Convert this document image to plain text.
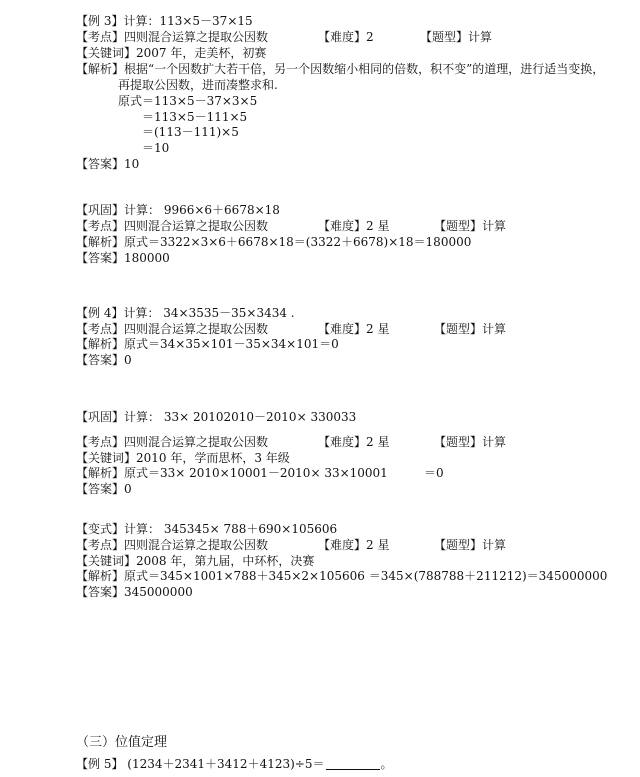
【例 3】计算：113×5－37×15
【考点】四则混合运算之提取公因数	【难度】2	【题型】计算
【关键词】2007 年，走美杯，初赛
【解析】根据“一个因数扩大若干倍，另一个因数缩小相同的倍数，积不变”的道理，进行适当变换，
再提取公因数，进而凑整求和.
原式＝113×5－37×3×5
＝113×5－111×5
＝(113－111)×5
＝10
【答案】10
【巩固】计算： 9966×6＋6678×18
【考点】四则混合运算之提取公因数	【难度】2 星	【题型】计算
【解析】原式＝3322×3×6＋6678×18＝(3322＋6678)×18＝180000
【答案】180000
【例 4】计算： 34×3535－35×3434 .
【考点】四则混合运算之提取公因数	【难度】2 星	【题型】计算
【解析】原式＝34×35×101－35×34×101＝0
【答案】0
【巩固】计算： 33× 20102010－2010× 330033
【考点】四则混合运算之提取公因数	【难度】2 星	【题型】计算
【关键词】2010 年，学而思杯，3 年级
【解析】原式＝33× 2010×10001－2010× 33×10001	＝0
【答案】0
【变式】计算： 345345× 788＋690×105606
【考点】四则混合运算之提取公因数	【难度】2 星	【题型】计算
【关键词】2008 年，第九届，中环杯，决赛
【解析】原式＝345×1001×788＋345×2×105606 ＝345×(788788＋211212)＝345000000
【答案】345000000
（三）位值定理
【例 5】 (1234＋2341＋3412＋4123)÷5＝	。
